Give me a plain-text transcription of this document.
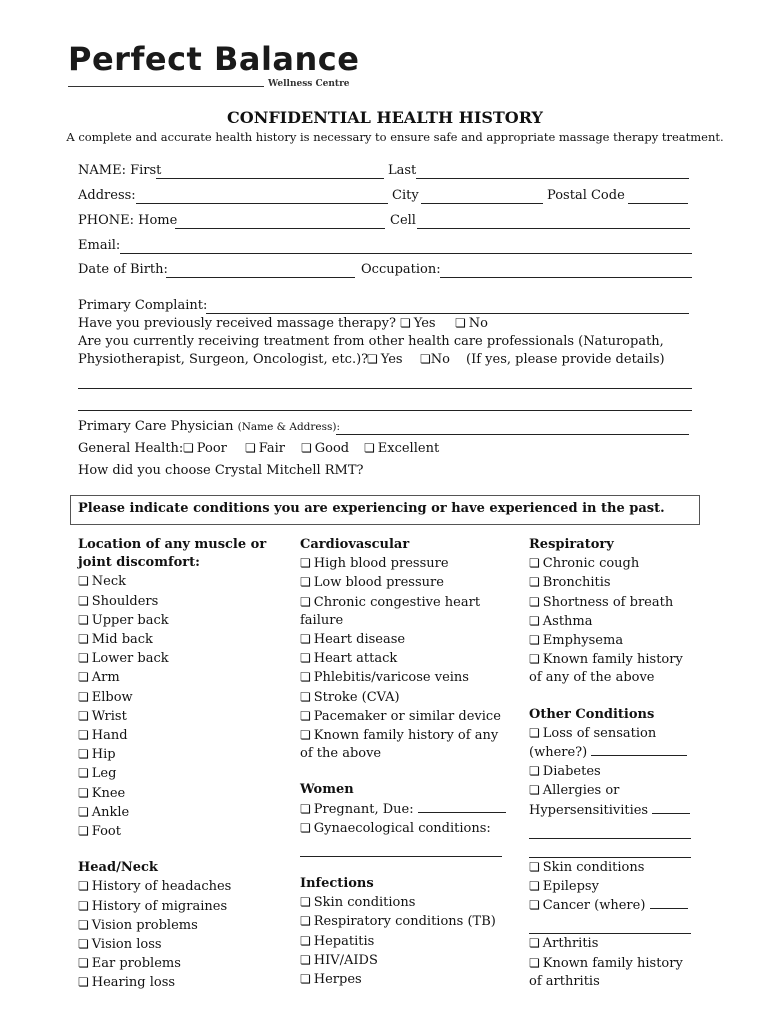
Perfect Balance
Wellness Centre
CONFIDENTIAL HEALTH HISTORY
A complete and accurate health history is necessary to ensure safe and appropriate massage therapy treatment.
NAME: First	Last
Address:	City	Postal Code
PHONE: Home	Cell
Email:
Date of Birth:	Occupation:
Primary Complaint:
Have you previously received massage therapy? ❏ Yes ❏ No
Are you currently receiving treatment from other health care professionals (Naturopath,
Physiotherapist, Surgeon, Oncologist, etc.)?
❏ Yes ❏No (If yes, please provide details)
Primary Care Physician (Name & Address):
General Health: ❏ Poor ❏ Fair ❏ Good ❏ Excellent
How did you choose Crystal Mitchell RMT?
Please indicate conditions you are experiencing or have experienced in the past.
Location of any muscle or
joint discomfort:
❏ Neck
❏ Shoulders
❏ Upper back
❏ Mid back
❏ Lower back
❏ Arm
❏ Elbow
❏ Wrist
❏ Hand
❏ Hip
❏ Leg
❏ Knee
❏ Ankle
❏ Foot
Head/Neck
❏ History of headaches
❏ History of migraines
❏ Vision problems
❏ Vision loss
❏ Ear problems
❏ Hearing loss
Cardiovascular
❏ High blood pressure
❏ Low blood pressure
❏ Chronic congestive heart
failure
❏ Heart disease
❏ Heart attack
❏ Phlebitis/varicose veins
❏ Stroke (CVA)
❏ Pacemaker or similar device
❏ Known family history of any
of the above
Women
❏ Pregnant, Due:
❏ Gynaecological conditions:
Infections
❏ Skin conditions
❏ Respiratory conditions (TB)
❏ Hepatitis
❏ HIV/AIDS
❏ Herpes
Respiratory
❏ Chronic cough
❏ Bronchitis
❏ Shortness of breath
❏ Asthma
❏ Emphysema
❏ Known family history
of any of the above
Other Conditions
❏ Loss of sensation
(where?)
❏ Diabetes
❏ Allergies or
Hypersensitivities
❏ Skin conditions
❏ Epilepsy
❏ Cancer (where)
❏ Arthritis
❏ Known family history
of arthritis
